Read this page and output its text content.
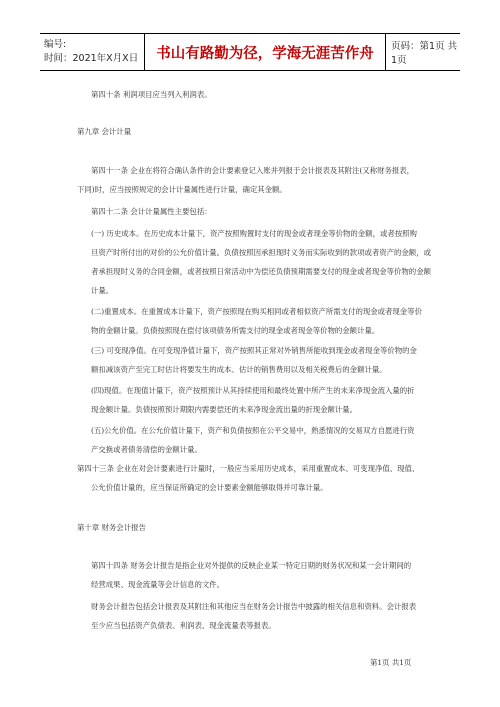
编号:
时间：2021年X月X日	书山有路勤为径，学海无涯苦作舟 页码：第1页 共1页
第四十条 利润项目应当列入利润表。
第九章 会计计量
第四十一条 企业在将符合确认条件的会计要素登记入账并列报于会计报表及其附注(又称财务报表，
下同)时，应当按照规定的会计计量属性进行计量，确定其金额。
第四十二条 会计计量属性主要包括：
(一) 历史成本。在历史成本计量下，资产按照购置时支付的现金或者现金等价物的金额，或者按照购
旦资产时所付出的对价的公允价值计量。负债按照因承担现时义务而实际收到的款项或者资产的金额，或
者承担现时义务的合同金额，或者按照日常活动中为偿还负债预期需要支付的现金或者现金等价物的金额
计量。
(二)重置成本。在重置成本计量下，资产按照现在购买相同或者相似资产所需支付的现金或者现金等价
物的金额计量。负债按照现在偿付该项债务所需支付的现金或者现金等价物的金额计量。
(三) 可变现净值。在可变现净值计量下，资产按照其正常对外销售所能收到现金或者现金等价物的金
额扣减该资产至完工时估计将要发生的成本、估计的销售费用以及相关税费后的金额计量。
(四)现值。在现值计量下，资产按照预计从其持续使用和最终处置中所产生的未来净现金流入量的折
现金额计量。负债按照预计期限内需要偿还的未来净现金流出量的折现金额计量。
(五)公允价值。在公允价值计量下，资产和负债按照在公平交易中，熟悉情况的交易双方自愿进行资
产交换或者债务清偿的金额计量。
第四十三条 企业在对会计要素进行计量时，一般应当采用历史成本，采用重置成本、可变现净值、现值、
公允价值计量的，应当保证所确定的会计要素金额能够取得并可靠计量。
第十章 财务会计报告
第四十四条 财务会计报告是指企业对外提供的反映企业某一特定日期的财务状况和某一会计期间的
经营成果、现金流量等会计信息的文件。
财务会计报告包括会计报表及其附注和其他应当在财务会计报告中披露的相关信息和资料。会计报表
至少应当包括资产负债表、利润表、现金流量表等报表。
第1页 共1页
